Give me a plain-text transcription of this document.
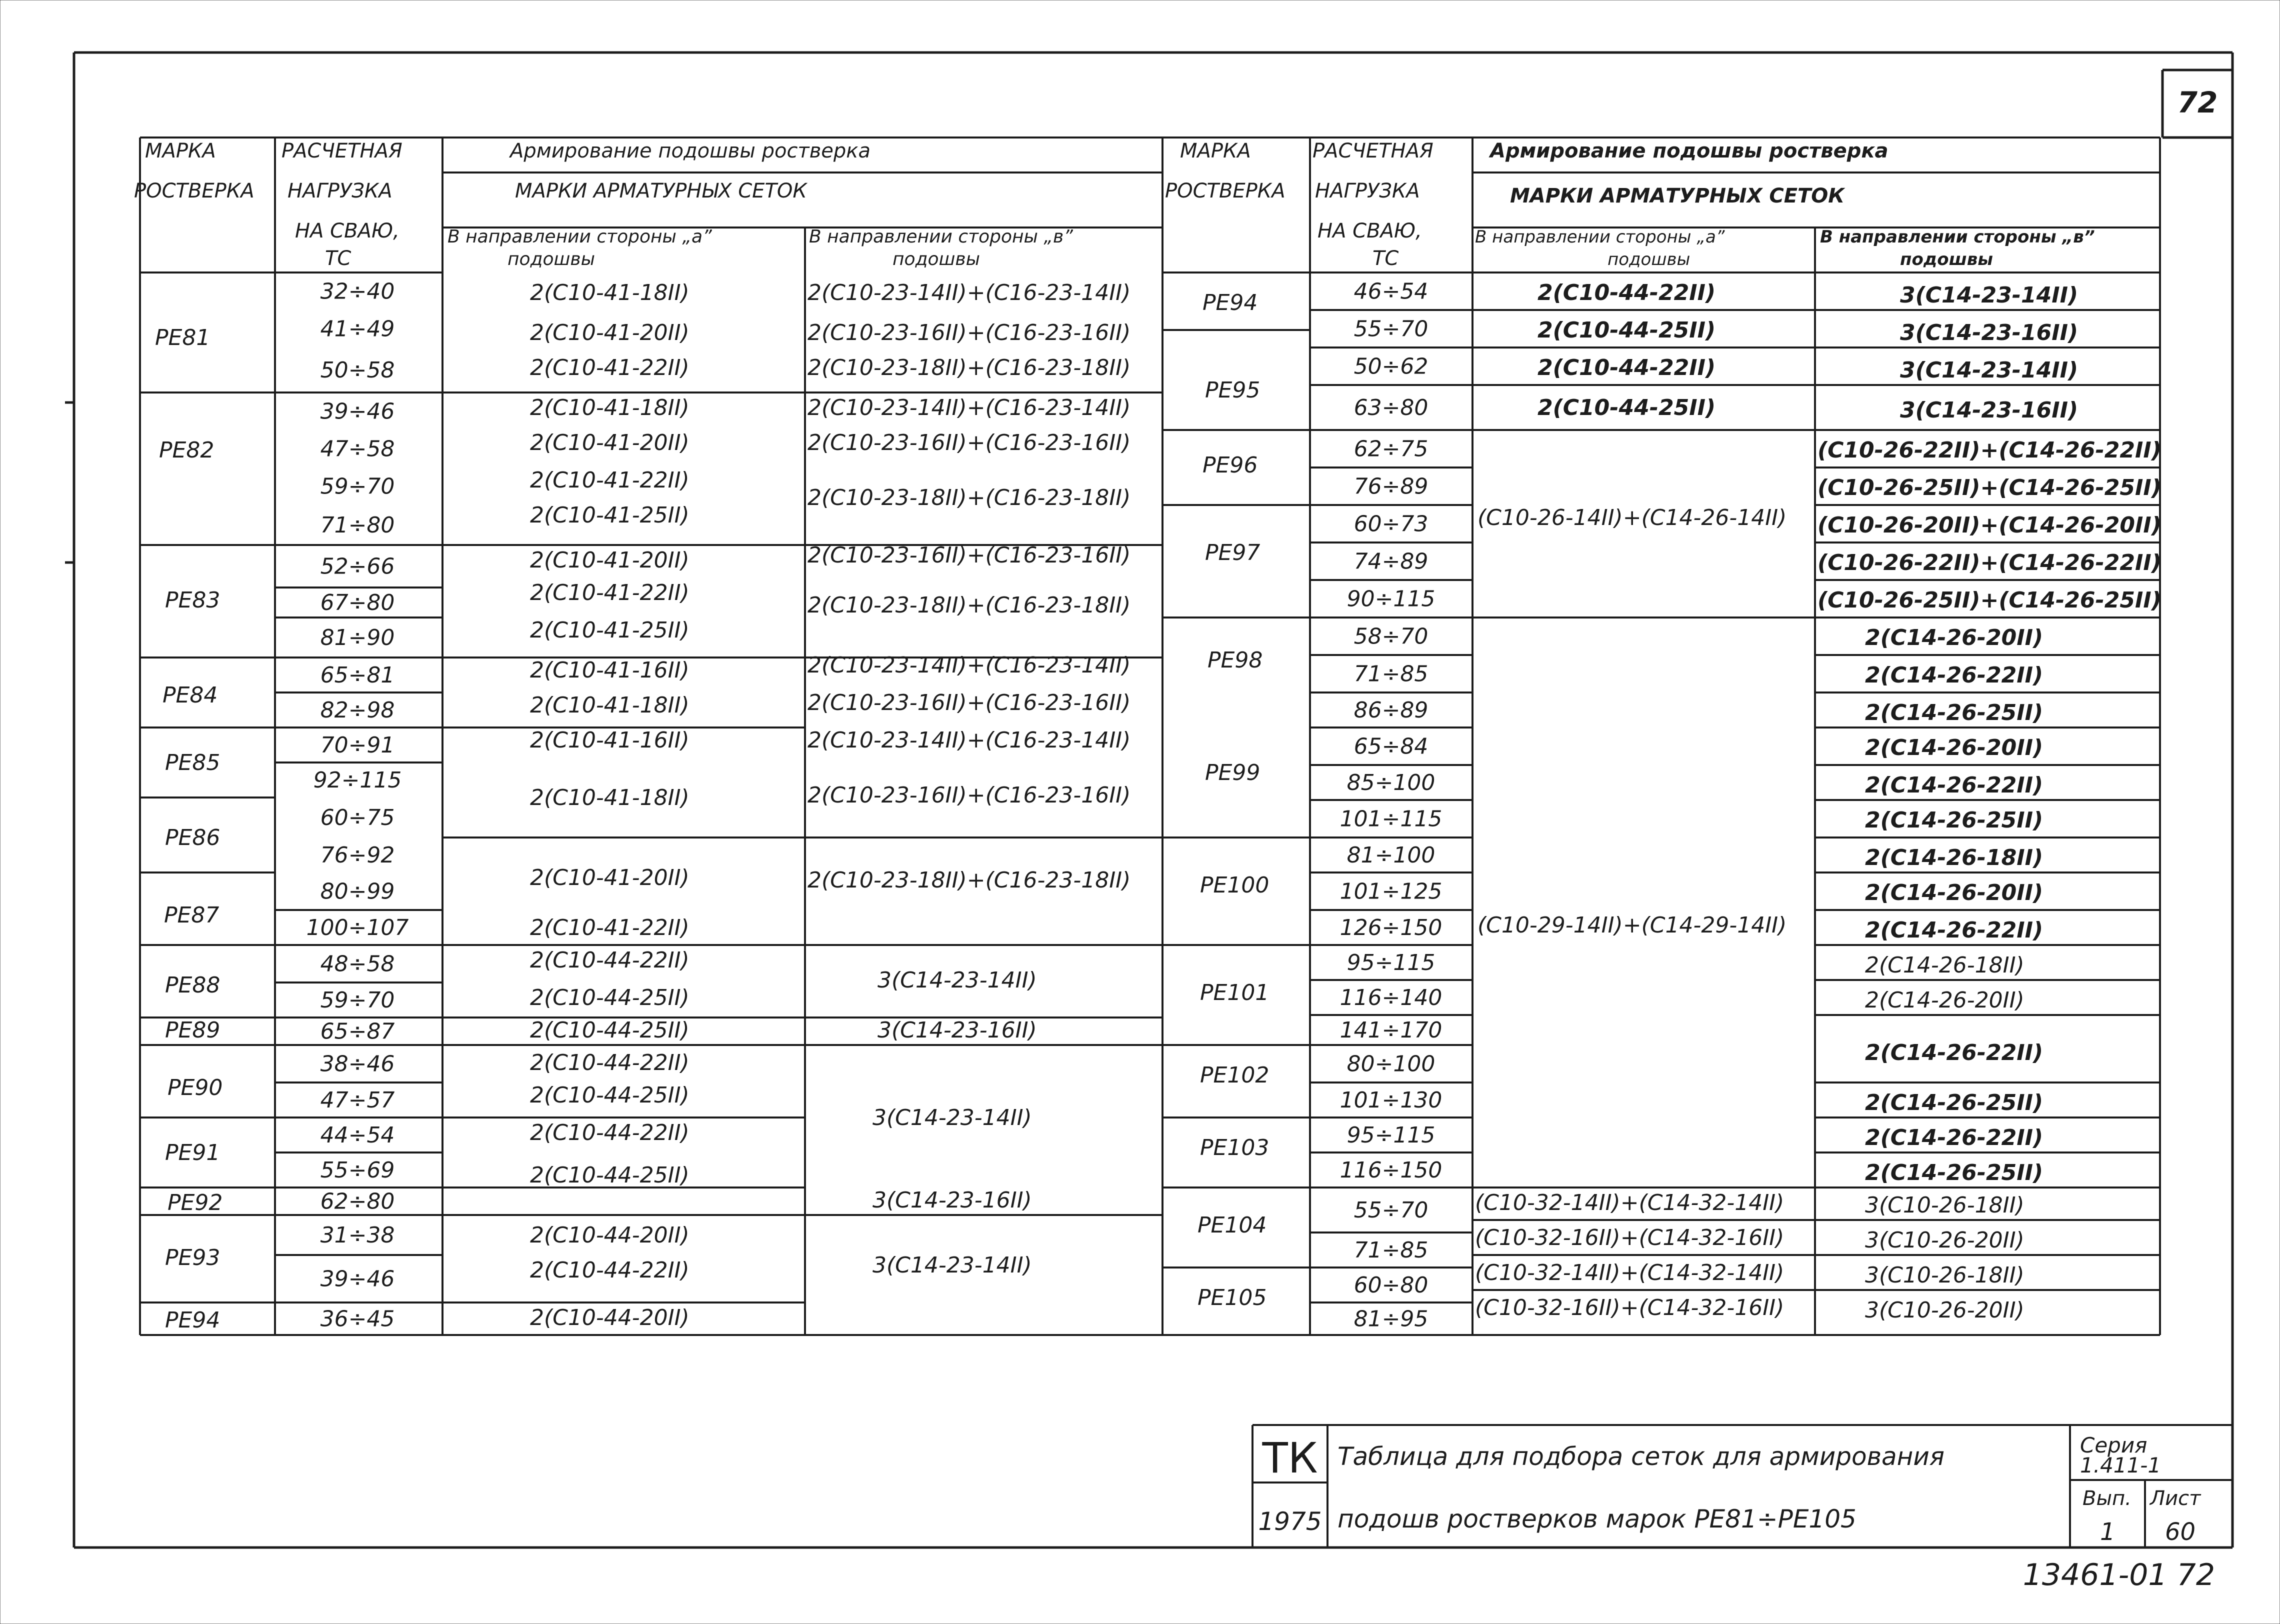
72
МАРКА
РОСТВЕРКА
РАСЧЕТНАЯ
НАГРУЗКА
НА СВАЮ,
ТС
Армирование подошвы ростверка
МАРКИ АРМАТУРНЫХ СЕТОК
В направлении стороны „а”
подошвы
В направлении стороны „в”
подошвы
РЕ81
РЕ82
РЕ83
РЕ84
РЕ85
РЕ86
РЕ87
РЕ88
РЕ89
РЕ90
РЕ91
РЕ92
РЕ93
РЕ94
32÷40
41÷49
50÷58
39÷46
47÷58
59÷70
71÷80
52÷66
67÷80
81÷90
65÷81
82÷98
70÷91
92÷115
60÷75
76÷92
80÷99
100÷107
48÷58
59÷70
65÷87
38÷46
47÷57
44÷54
55÷69
62÷80
31÷38
39÷46
36÷45
2(С10-41-18II)
2(С10-41-20II)
2(С10-41-22II)
2(С10-41-18II)
2(С10-41-20II)
2(С10-41-22II)
2(С10-41-25II)
2(С10-41-20II)
2(С10-41-22II)
2(С10-41-25II)
2(С10-41-16II)
2(С10-41-18II)
2(С10-41-16II)
2(С10-41-18II)
2(С10-41-20II)
2(С10-41-22II)
2(С10-44-22II)
2(С10-44-25II)
2(С10-44-25II)
2(С10-44-22II)
2(С10-44-25II)
2(С10-44-22II)
2(С10-44-25II)
2(С10-44-20II)
2(С10-44-22II)
2(С10-44-20II)
2(С10-23-14II)+(С16-23-14II)
2(С10-23-16II)+(С16-23-16II)
2(С10-23-18II)+(С16-23-18II)
2(С10-23-14II)+(С16-23-14II)
2(С10-23-16II)+(С16-23-16II)
2(С10-23-18II)+(С16-23-18II)
2(С10-23-16II)+(С16-23-16II)
2(С10-23-18II)+(С16-23-18II)
2(С10-23-14II)+(С16-23-14II)
2(С10-23-16II)+(С16-23-16II)
2(С10-23-14II)+(С16-23-14II)
2(С10-23-16II)+(С16-23-16II)
2(С10-23-18II)+(С16-23-18II)
3(С14-23-14II)
3(С14-23-16II)
3(С14-23-14II)
3(С14-23-16II)
3(С14-23-14II)
МАРКА
РОСТВЕРКА
РАСЧЕТНАЯ
НАГРУЗКА
НА СВАЮ,
ТС
Армирование подошвы ростверка
МАРКИ АРМАТУРНЫХ СЕТОК
В направлении стороны „а”
подошвы
В направлении стороны „в”
подошвы
РЕ94
РЕ95
РЕ96
РЕ97
РЕ98
РЕ99
РЕ100
РЕ101
РЕ102
РЕ103
РЕ104
РЕ105
46÷54
55÷70
50÷62
63÷80
62÷75
76÷89
60÷73
74÷89
90÷115
58÷70
71÷85
86÷89
65÷84
85÷100
101÷115
81÷100
101÷125
126÷150
95÷115
116÷140
141÷170
80÷100
101÷130
95÷115
116÷150
55÷70
71÷85
60÷80
81÷95
2(С10-44-22II)
2(С10-44-25II)
2(С10-44-22II)
2(С10-44-25II)
(С10-26-14II)+(С14-26-14II)
(С10-29-14II)+(С14-29-14II)
(С10-32-14II)+(С14-32-14II)
(С10-32-16II)+(С14-32-16II)
(С10-32-14II)+(С14-32-14II)
(С10-32-16II)+(С14-32-16II)
3(С14-23-14II)
3(С14-23-16II)
3(С14-23-14II)
3(С14-23-16II)
(С10-26-22II)+(С14-26-22II)
(С10-26-25II)+(С14-26-25II)
(С10-26-20II)+(С14-26-20II)
(С10-26-22II)+(С14-26-22II)
(С10-26-25II)+(С14-26-25II)
2(С14-26-20II)
2(С14-26-22II)
2(С14-26-25II)
2(С14-26-20II)
2(С14-26-22II)
2(С14-26-25II)
2(С14-26-18II)
2(С14-26-20II)
2(С14-26-22II)
2(С14-26-18II)
2(С14-26-20II)
2(С14-26-22II)
2(С14-26-25II)
2(С14-26-22II)
2(С14-26-25II)
3(С10-26-18II)
3(С10-26-20II)
3(С10-26-18II)
3(С10-26-20II)
ТК
1975
Таблица для подбора сеток для армирования
подошв ростверков марок РЕ81÷РЕ105
Серия
1.411-1
Вып.
1
Лист
60
13461-01 72
